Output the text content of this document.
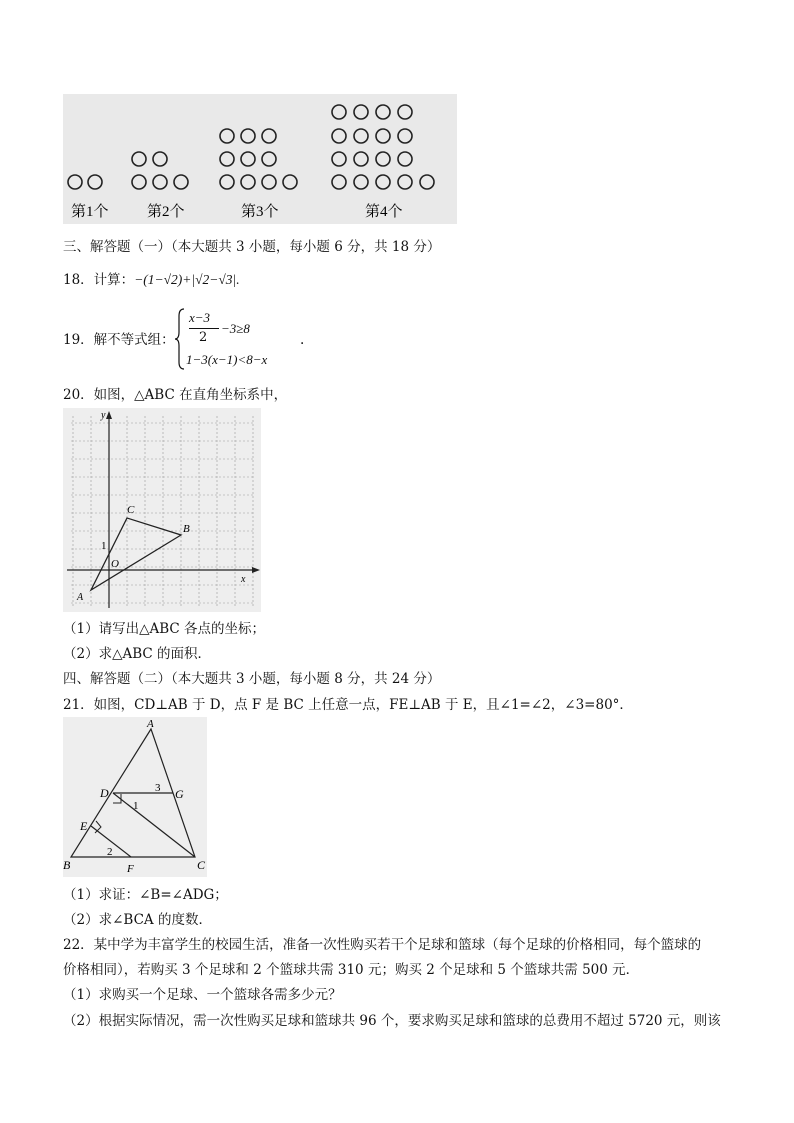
第1个	第2个	第3个	第4个
三、解答题（一）（本大题共 3 小题，每小题 6 分，共 18 分）
18．计算：−(1−√2)+|√2−√3|.
19．解不等式组：
x−3
2
−3≥8
1−3(x−1)<8−x
.
20．如图，△ABC 在直角坐标系中，
y
x
O
1
A
B
C
（1）请写出△ABC 各点的坐标；
（2）求△ABC 的面积．
四、解答题（二）（本大题共 3 小题，每小题 8 分，共 24 分）
21．如图，CD⊥AB 于 D，点 F 是 BC 上任意一点，FE⊥AB 于 E，且∠1=∠2，∠3=80°．
A
B	C
D
E
F
G
1
2
3
（1）求证：∠B=∠ADG；
（2）求∠BCA 的度数．
22．某中学为丰富学生的校园生活，准备一次性购买若干个足球和篮球（每个足球的价格相同，每个篮球的
价格相同），若购买 3 个足球和 2 个篮球共需 310 元；购买 2 个足球和 5 个篮球共需 500 元．
（1）求购买一个足球、一个篮球各需多少元？
（2）根据实际情况，需一次性购买足球和篮球共 96 个，要求购买足球和篮球的总费用不超过 5720 元，则该
